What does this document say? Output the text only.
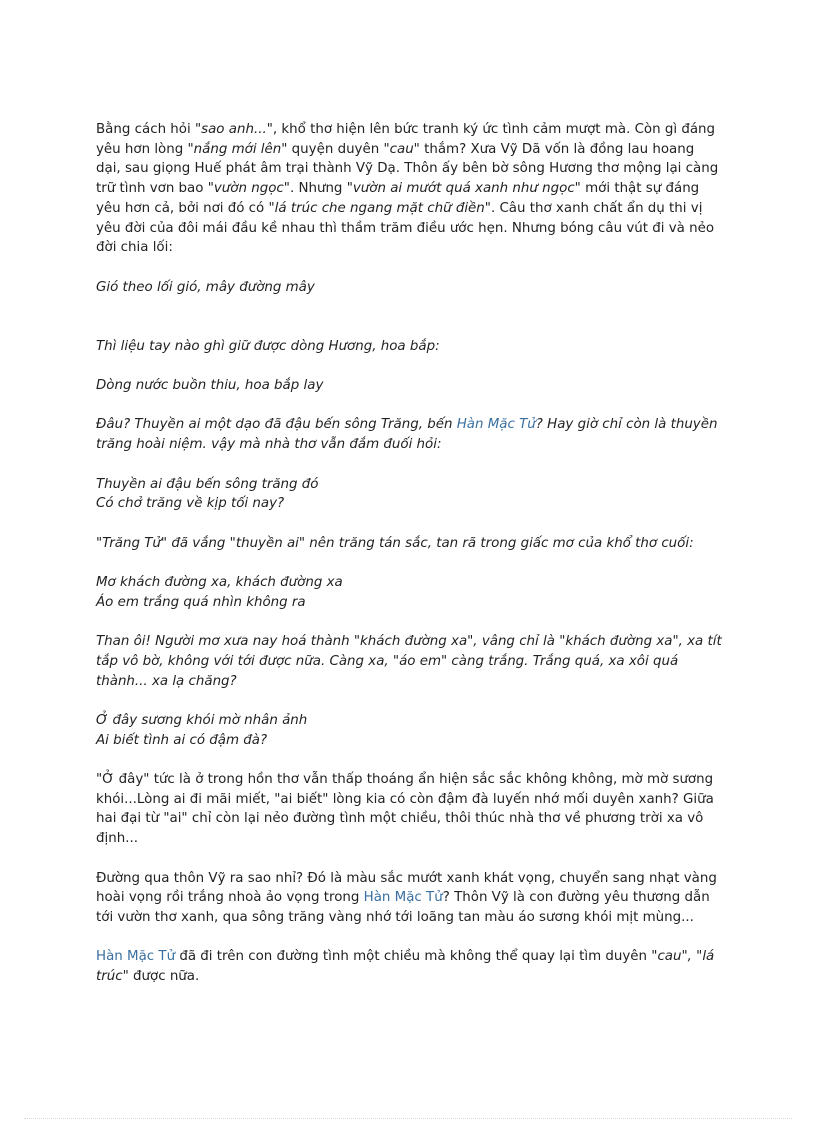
Bằng cách hỏi "sao anh...", khổ thơ hiện lên bức tranh ký ức tình cảm mượt mà. Còn gì đáng yêu hơn lòng "nắng mới lên" quyện duyên "cau" thắm? Xưa Vỹ Dã vốn là đồng lau hoang dại, sau giọng Huế phát âm trại thành Vỹ Dạ. Thôn ấy bên bờ sông Hương thơ mộng lại càng trữ tình vơn bao "vườn ngọc". Nhưng "vườn ai mướt quá xanh như ngọc" mới thật sự đáng yêu hơn cả, bởi nơi đó có "lá trúc che ngang mặt chữ điền". Câu thơ xanh chất ẩn dụ thi vị yêu đời của đôi mái đầu kề nhau thì thầm trăm điều ước hẹn. Nhưng bóng câu vút đi và nẻo đời chia lối:

Gió theo lối gió, mây đường mây

Thì liệu tay nào ghì giữ được dòng Hương, hoa bắp:

Dòng nước buồn thiu, hoa bắp lay

Đâu? Thuyền ai một dạo đã đậu bến sông Trăng, bến Hàn Mặc Tử? Hay giờ chỉ còn là thuyền trăng hoài niệm. vậy mà nhà thơ vẫn đắm đuối hỏi:

Thuyền ai đậu bến sông trăng đó
Có chở trăng về kịp tối nay?

"Trăng Tử" đã vắng "thuyền ai" nên trăng tán sắc, tan rã trong giấc mơ của khổ thơ cuối:

Mơ khách đường xa, khách đường xa
Áo em trắng quá nhìn không ra

Than ôi! Người mơ xưa nay hoá thành "khách đường xa", vâng chỉ là "khách đường xa", xa tít tắp vô bờ, không với tới được nữa. Càng xa, "áo em" càng trắng. Trắng quá, xa xôi quá thành... xa lạ chăng?

Ở đây sương khói mờ nhân ảnh
Ai biết tình ai có đậm đà?

"Ở đây" tức là ở trong hồn thơ vẫn thấp thoáng ẩn hiện sắc sắc không không, mờ mờ sương khói...Lòng ai đi mãi miết, "ai biết" lòng kia có còn đậm đà luyến nhớ mối duyên xanh? Giữa hai đại từ "ai" chỉ còn lại nẻo đường tình một chiều, thôi thúc nhà thơ về phương trời xa vô định...

Đường qua thôn Vỹ ra sao nhỉ? Đó là màu sắc mướt xanh khát vọng, chuyển sang nhạt vàng hoài vọng rồi trắng nhoà ảo vọng trong Hàn Mặc Tử? Thôn Vỹ là con đường yêu thương dẫn tới vườn thơ xanh, qua sông trăng vàng nhớ tới loãng tan màu áo sương khói mịt mùng...

Hàn Mặc Tử đã đi trên con đường tình một chiều mà không thể quay lại tìm duyên "cau", "lá trúc" được nữa.
